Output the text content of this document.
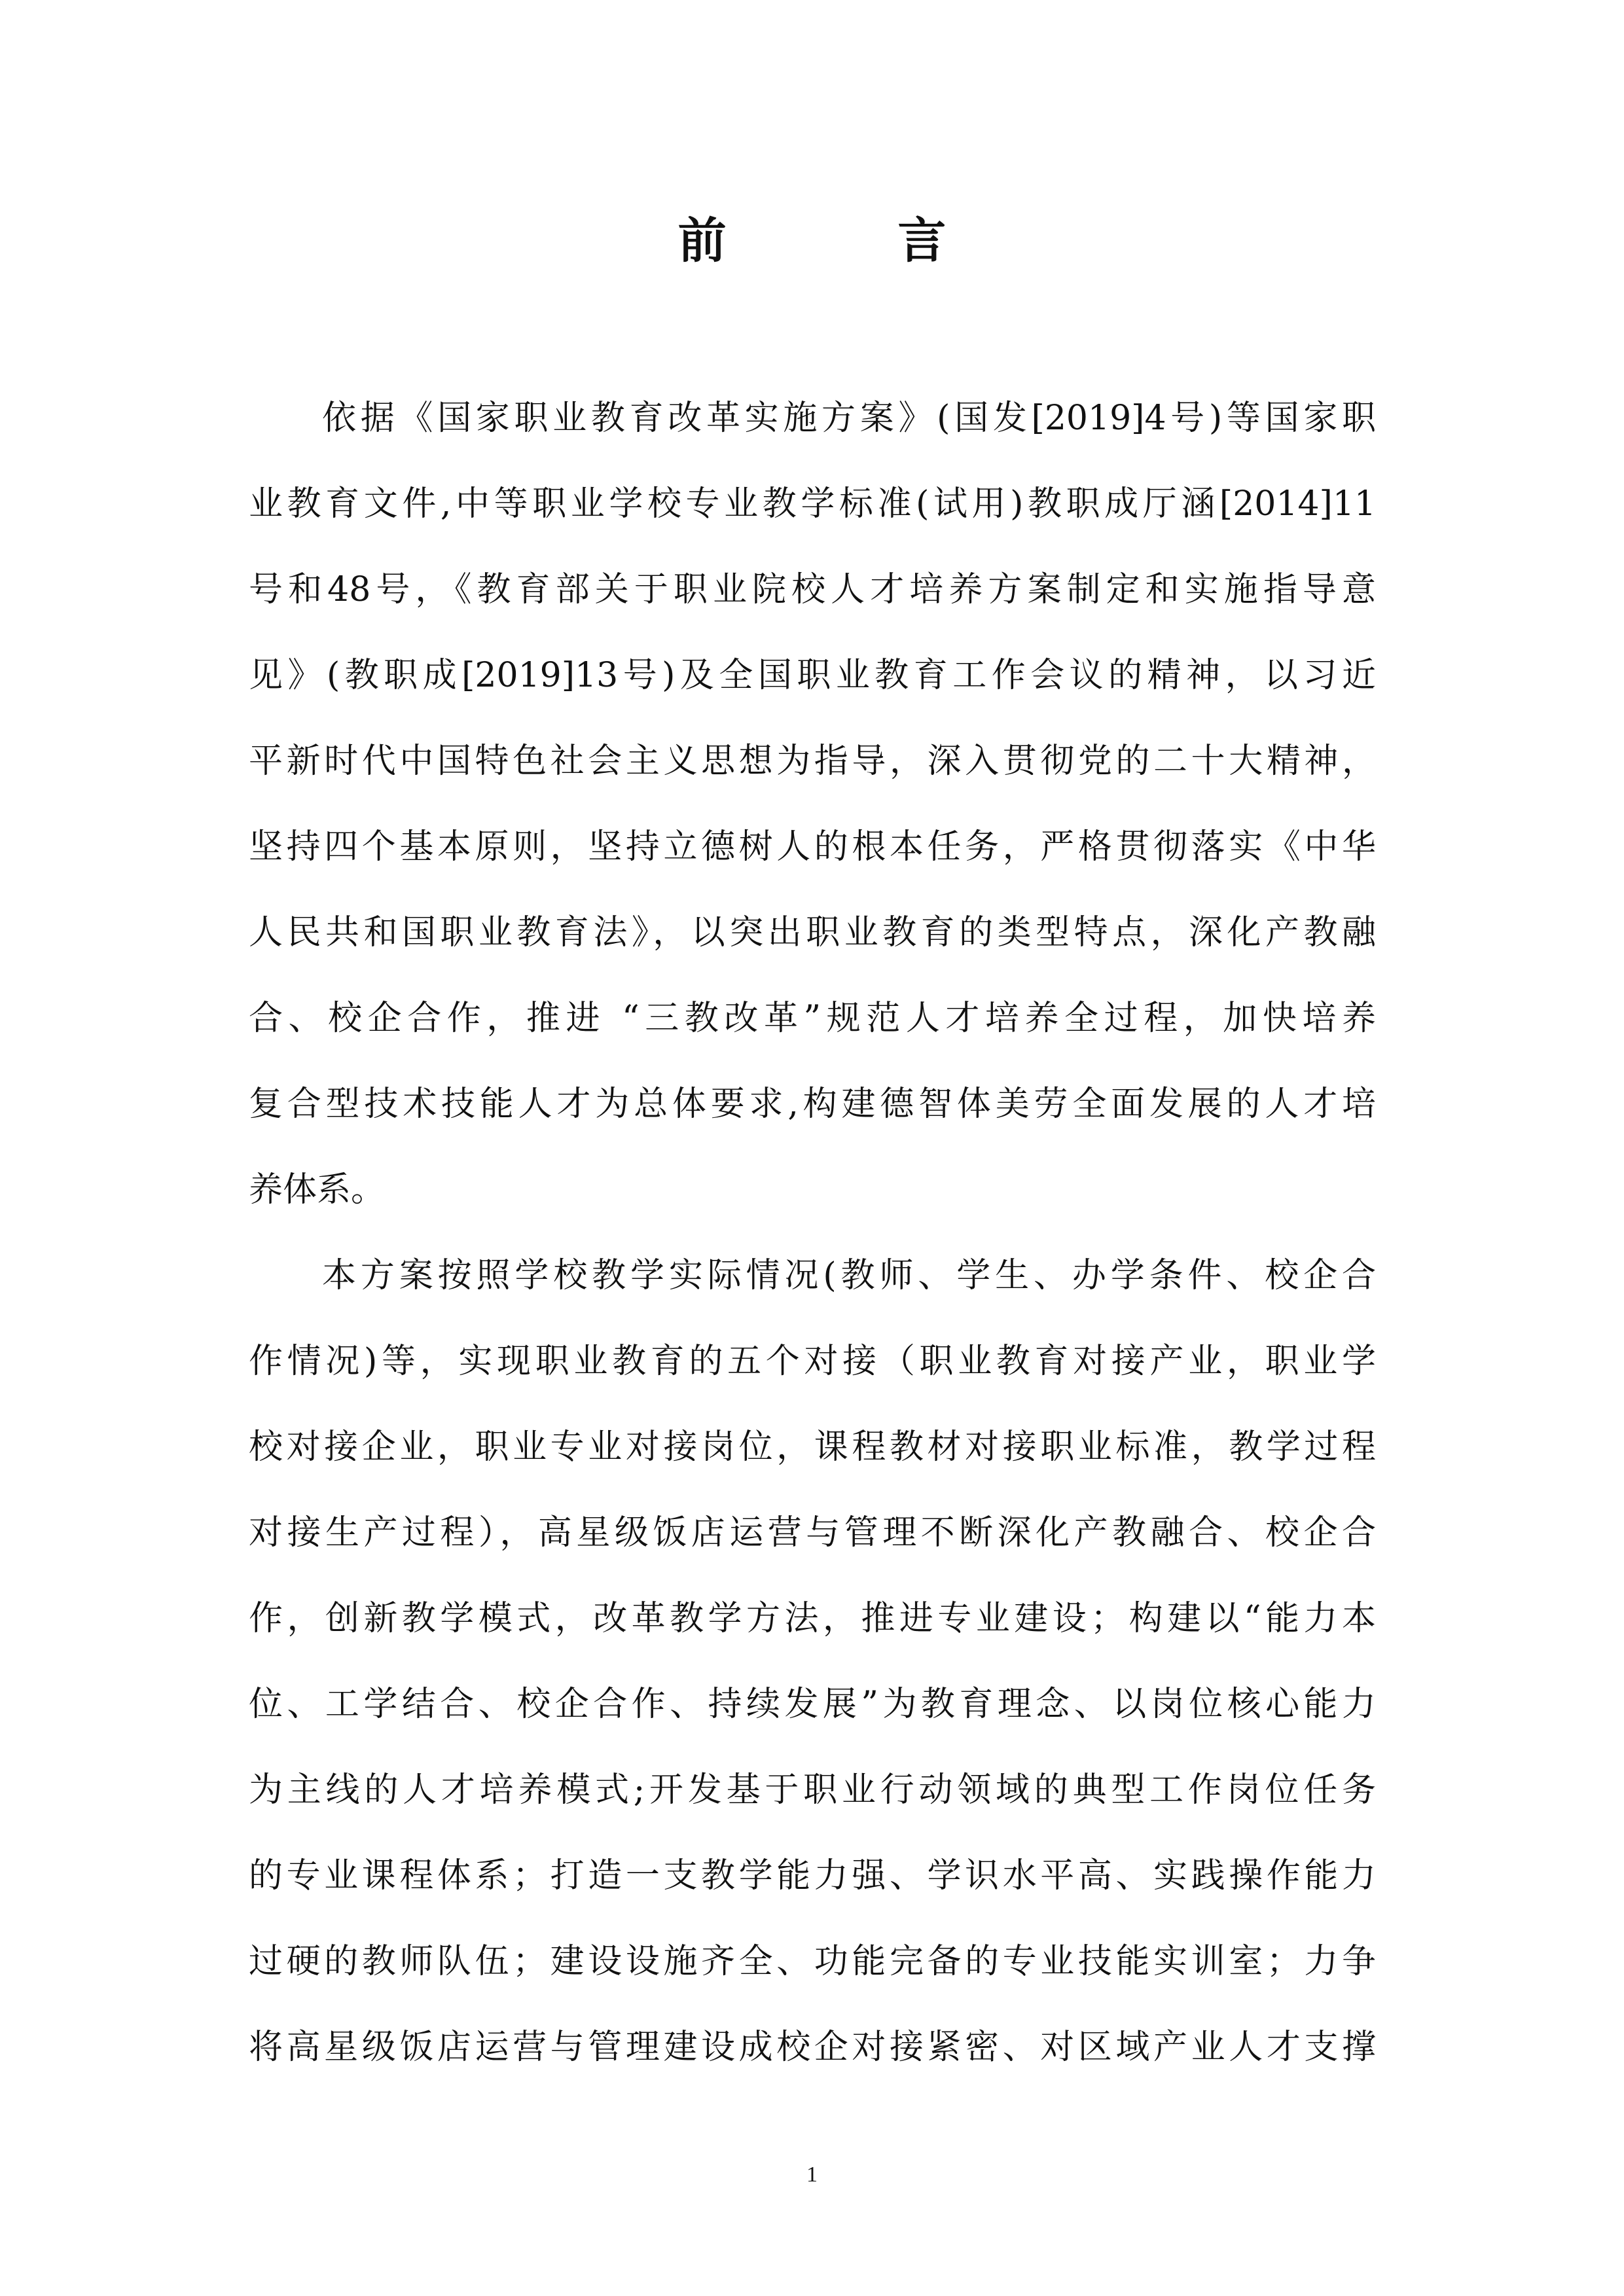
前 言

依据《国家职业教育改革实施方案》(国发[2019]4号)等国家职

业教育文件,中等职业学校专业教学标准(试用)教职成厅涵[2014]11

号和48号，《教育部关于职业院校人才培养方案制定和实施指导意

见》(教职成[2019]13号)及全国职业教育工作会议的精神，以习近

平新时代中国特色社会主义思想为指导，深入贯彻党的二十大精神，

坚持四个基本原则，坚持立德树人的根本任务，严格贯彻落实《中华

人民共和国职业教育法》，以突出职业教育的类型特点，深化产教融

合、校企合作，推进 “三教改革”规范人才培养全过程，加快培养

复合型技术技能人才为总体要求,构建德智体美劳全面发展的人才培

养体系。

本方案按照学校教学实际情况(教师、学生、办学条件、校企合

作情况)等，实现职业教育的五个对接（职业教育对接产业，职业学

校对接企业，职业专业对接岗位，课程教材对接职业标准，教学过程

对接生产过程），高星级饭店运营与管理不断深化产教融合、校企合

作，创新教学模式，改革教学方法，推进专业建设；构建以“能力本

位、工学结合、校企合作、持续发展”为教育理念、以岗位核心能力

为主线的人才培养模式;开发基于职业行动领域的典型工作岗位任务

的专业课程体系；打造一支教学能力强、学识水平高、实践操作能力

过硬的教师队伍；建设设施齐全、功能完备的专业技能实训室；力争

将高星级饭店运营与管理建设成校企对接紧密、对区域产业人才支撑

1
